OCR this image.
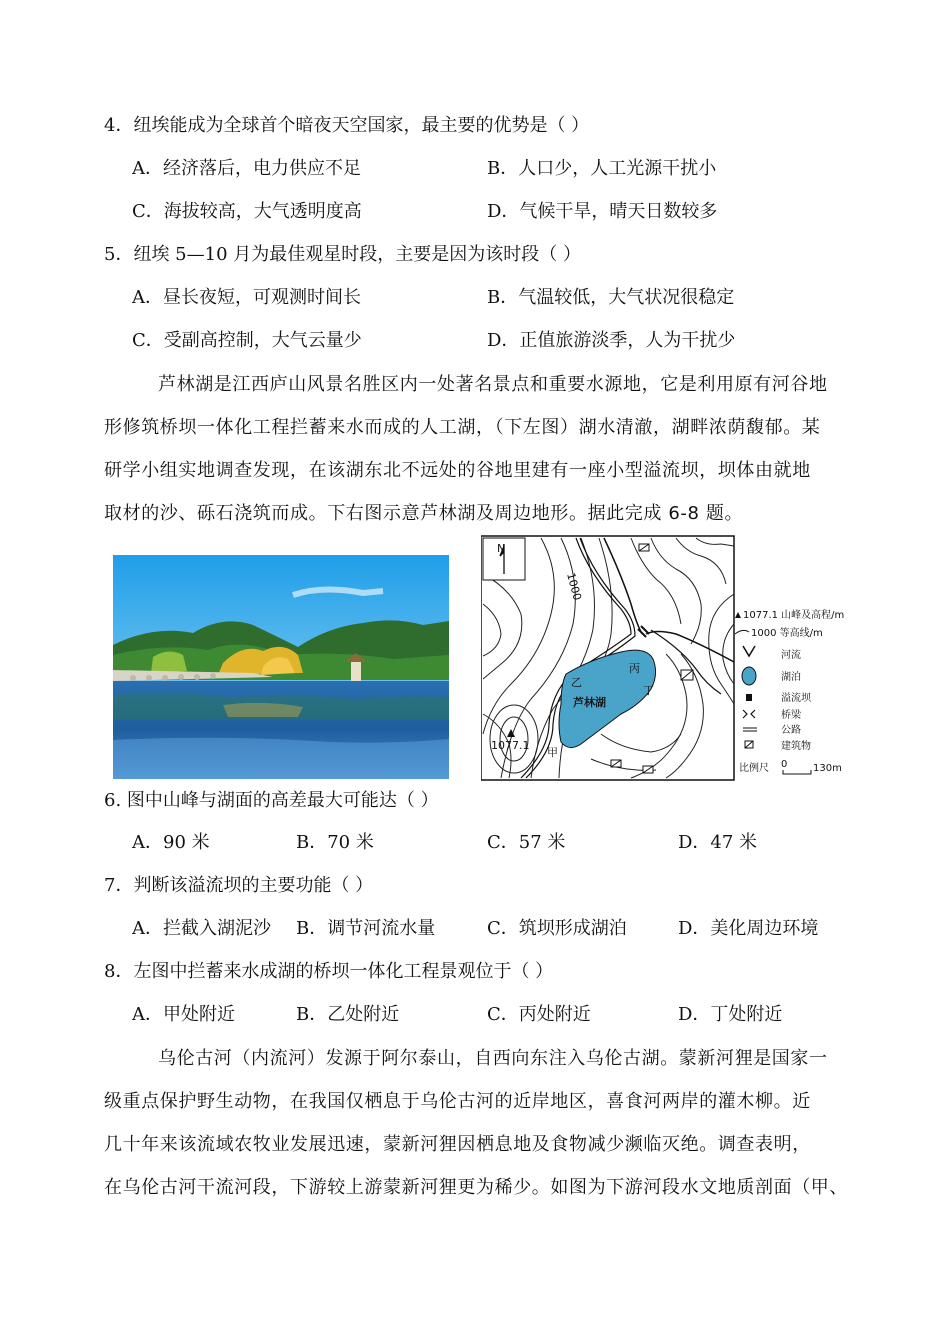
4．纽埃能成为全球首个暗夜天空国家，最主要的优势是（ ）
A．经济落后，电力供应不足	B．人口少，人工光源干扰小
C．海拔较高，大气透明度高	D．气候干旱，晴天日数较多
5．纽埃 5—10 月为最佳观星时段，主要是因为该时段（ ）
A．昼长夜短，可观测时间长	B．气温较低，大气状况很稳定
C．受副高控制，大气云量少	D．正值旅游淡季，人为干扰少
芦林湖是江西庐山风景名胜区内一处著名景点和重要水源地，它是利用原有河谷地
形修筑桥坝一体化工程拦蓄来水而成的人工湖，（下左图）湖水清澈，湖畔浓荫馥郁。某
研学小组实地调查发现，在该湖东北不远处的谷地里建有一座小型溢流坝，坝体由就地
取材的沙、砾石浇筑而成。下右图示意芦林湖及周边地形。据此完成 6-8 题。
N
1000
1077.1
芦林湖
甲
乙
丙
丁
1077.1 山峰及高程/m
1000 等高线/m
河流
湖泊
溢流坝
桥梁
公路
建筑物
比例尺 0	130m
6. 图中山峰与湖面的高差最大可能达（ ）
A．90 米	B．70 米	C．57 米	D．47 米
7．判断该溢流坝的主要功能（ ）
A．拦截入湖泥沙 B．调节河流水量	C．筑坝形成湖泊	D．美化周边环境
8．左图中拦蓄来水成湖的桥坝一体化工程景观位于（ ）
A．甲处附近	B．乙处附近	C．丙处附近	D．丁处附近
乌伦古河（内流河）发源于阿尔泰山，自西向东注入乌伦古湖。蒙新河狸是国家一
级重点保护野生动物，在我国仅栖息于乌伦古河的近岸地区，喜食河两岸的灌木柳。近
几十年来该流域农牧业发展迅速，蒙新河狸因栖息地及食物减少濒临灭绝。调查表明，
在乌伦古河干流河段，下游较上游蒙新河狸更为稀少。如图为下游河段水文地质剖面（甲、
